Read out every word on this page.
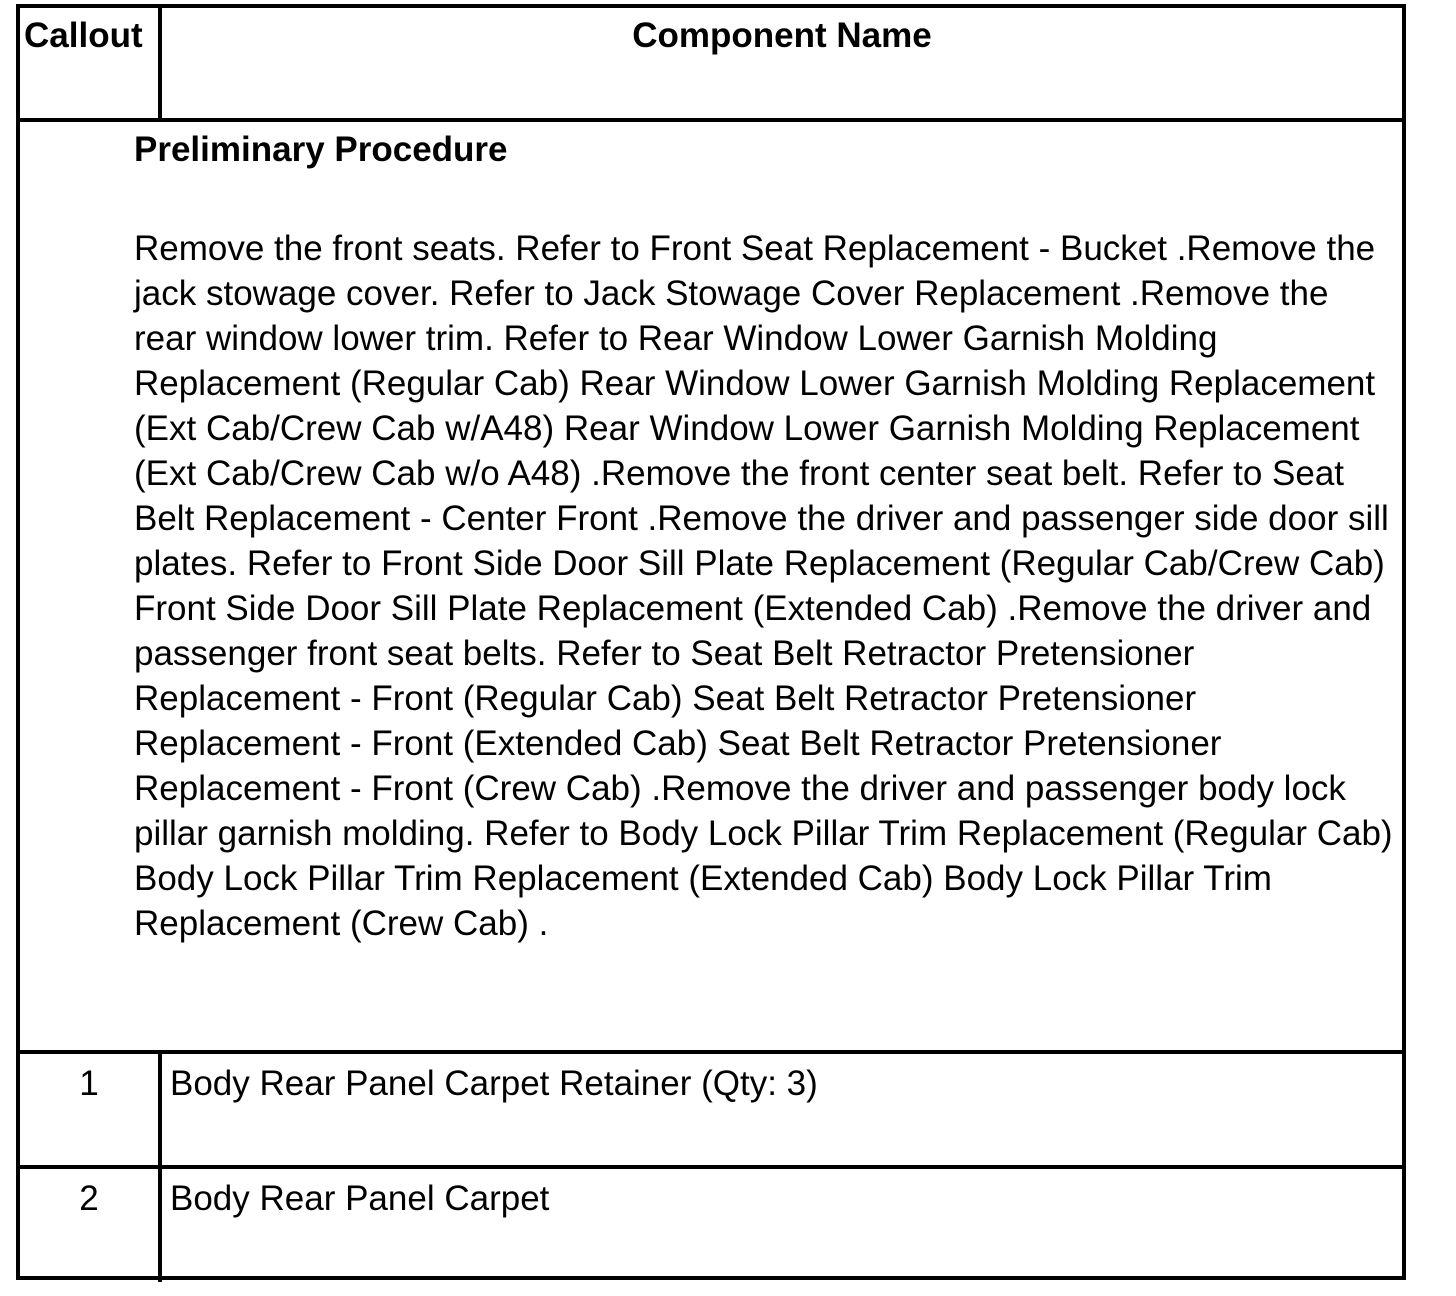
Callout	Component Name

Preliminary Procedure

Remove the front seats. Refer to Front Seat Replacement - Bucket .Remove the jack stowage cover. Refer to Jack Stowage Cover Replacement .Remove the rear window lower trim. Refer to Rear Window Lower Garnish Molding Replacement (Regular Cab) Rear Window Lower Garnish Molding Replacement (Ext Cab/Crew Cab w/A48) Rear Window Lower Garnish Molding Replacement (Ext Cab/Crew Cab w/o A48) .Remove the front center seat belt. Refer to Seat Belt Replacement - Center Front .Remove the driver and passenger side door sill plates. Refer to Front Side Door Sill Plate Replacement (Regular Cab/Crew Cab) Front Side Door Sill Plate Replacement (Extended Cab) .Remove the driver and passenger front seat belts. Refer to Seat Belt Retractor Pretensioner Replacement - Front (Regular Cab) Seat Belt Retractor Pretensioner Replacement - Front (Extended Cab) Seat Belt Retractor Pretensioner Replacement - Front (Crew Cab) .Remove the driver and passenger body lock pillar garnish molding. Refer to Body Lock Pillar Trim Replacement (Regular Cab) Body Lock Pillar Trim Replacement (Extended Cab) Body Lock Pillar Trim Replacement (Crew Cab) .

1	Body Rear Panel Carpet Retainer (Qty: 3)
2	Body Rear Panel Carpet
